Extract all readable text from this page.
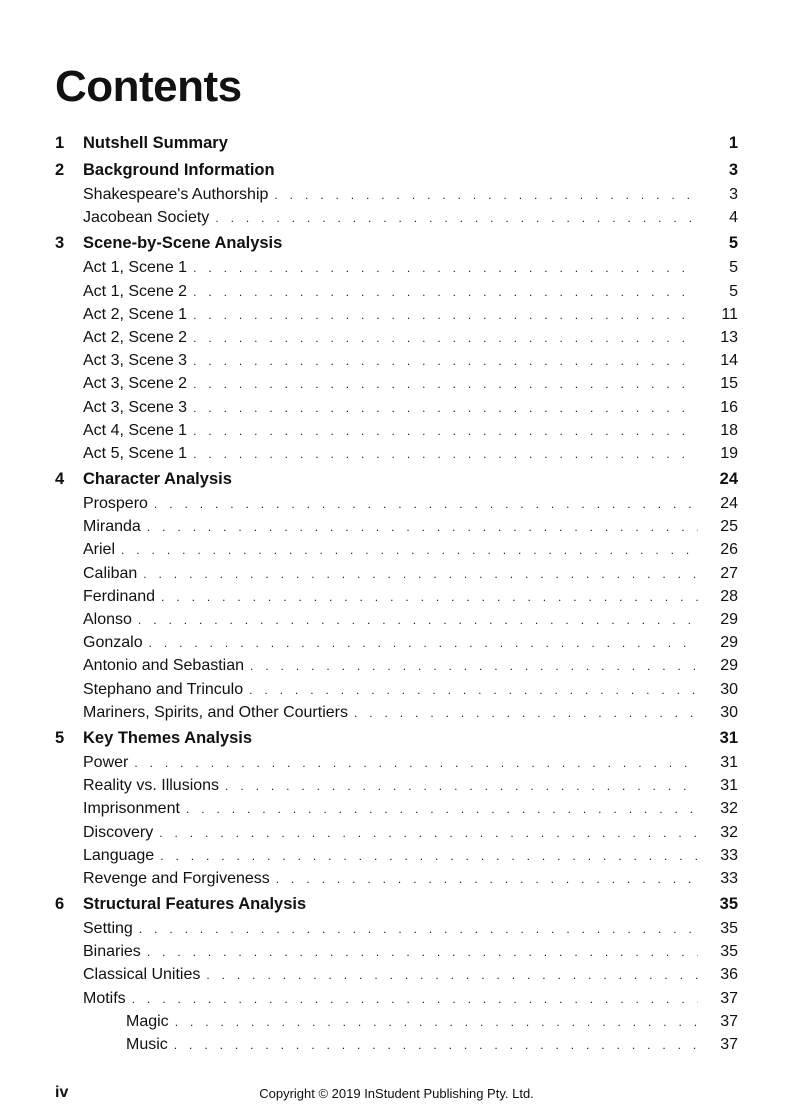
Contents
1	Nutshell Summary	1
2	Background Information	3
Shakespeare's Authorship . . .	3
Jacobean Society . . .	4
3	Scene-by-Scene Analysis	5
Act 1, Scene 1 . . .	5
Act 1, Scene 2 . . .	5
Act 2, Scene 1 . . .	11
Act 2, Scene 2 . . .	13
Act 3, Scene 3 . . .	14
Act 3, Scene 2 . . .	15
Act 3, Scene 3 . . .	16
Act 4, Scene 1 . . .	18
Act 5, Scene 1 . . .	19
4	Character Analysis	24
Prospero . . .	24
Miranda . . .	25
Ariel . . .	26
Caliban . . .	27
Ferdinand . . .	28
Alonso . . .	29
Gonzalo . . .	29
Antonio and Sebastian . . .	29
Stephano and Trinculo . . .	30
Mariners, Spirits, and Other Courtiers . . .	30
5	Key Themes Analysis	31
Power . . .	31
Reality vs. Illusions . . .	31
Imprisonment . . .	32
Discovery . . .	32
Language . . .	33
Revenge and Forgiveness . . .	33
6	Structural Features Analysis	35
Setting . . .	35
Binaries . . .	35
Classical Unities . . .	36
Motifs . . .	37
Magic . . .	37
Music . . .	37
iv	Copyright © 2019 InStudent Publishing Pty. Ltd.
